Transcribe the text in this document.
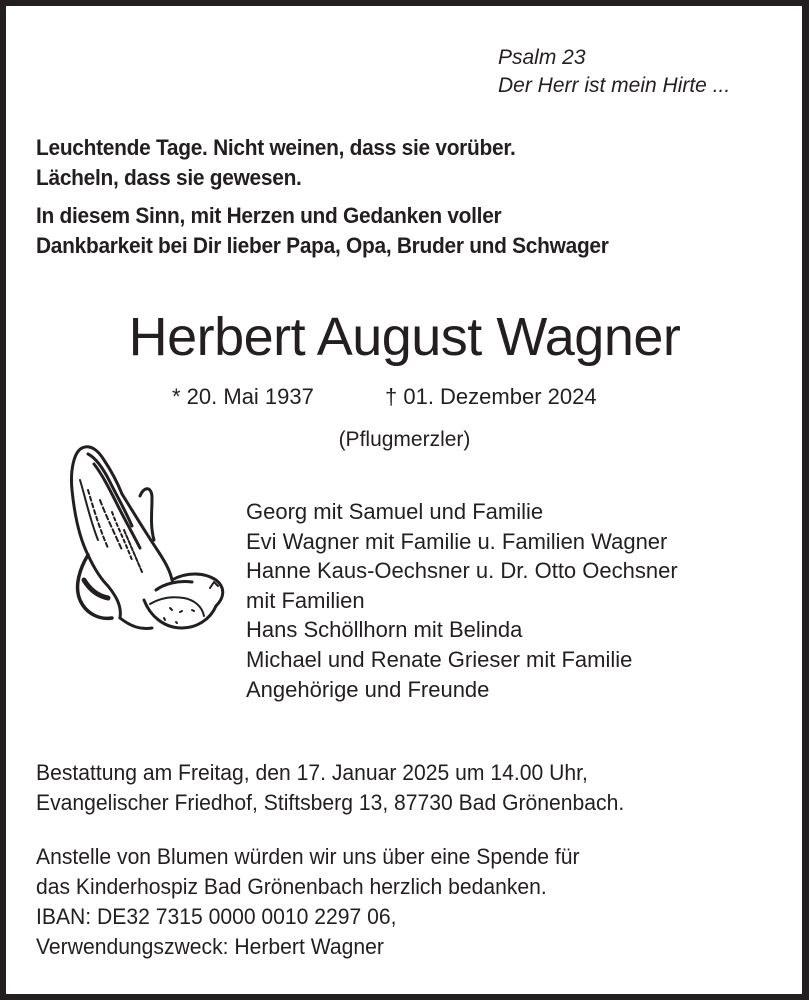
Psalm 23
Der Herr ist mein Hirte ...
Leuchtende Tage. Nicht weinen, dass sie vorüber.
Lächeln, dass sie gewesen.
In diesem Sinn, mit Herzen und Gedanken voller
Dankbarkeit bei Dir lieber Papa, Opa, Bruder und Schwager
Herbert August Wagner
* 20. Mai 1937	† 01. Dezember 2024
(Pflugmerzler)
Georg mit Samuel und Familie
Evi Wagner mit Familie u. Familien Wagner
Hanne Kaus-Oechsner u. Dr. Otto Oechsner
mit Familien
Hans Schöllhorn mit Belinda
Michael und Renate Grieser mit Familie
Angehörige und Freunde
Bestattung am Freitag, den 17. Januar 2025 um 14.00 Uhr,
Evangelischer Friedhof, Stiftsberg 13, 87730 Bad Grönenbach.
Anstelle von Blumen würden wir uns über eine Spende für
das Kinderhospiz Bad Grönenbach herzlich bedanken.
IBAN: DE32 7315 0000 0010 2297 06,
Verwendungszweck: Herbert Wagner
